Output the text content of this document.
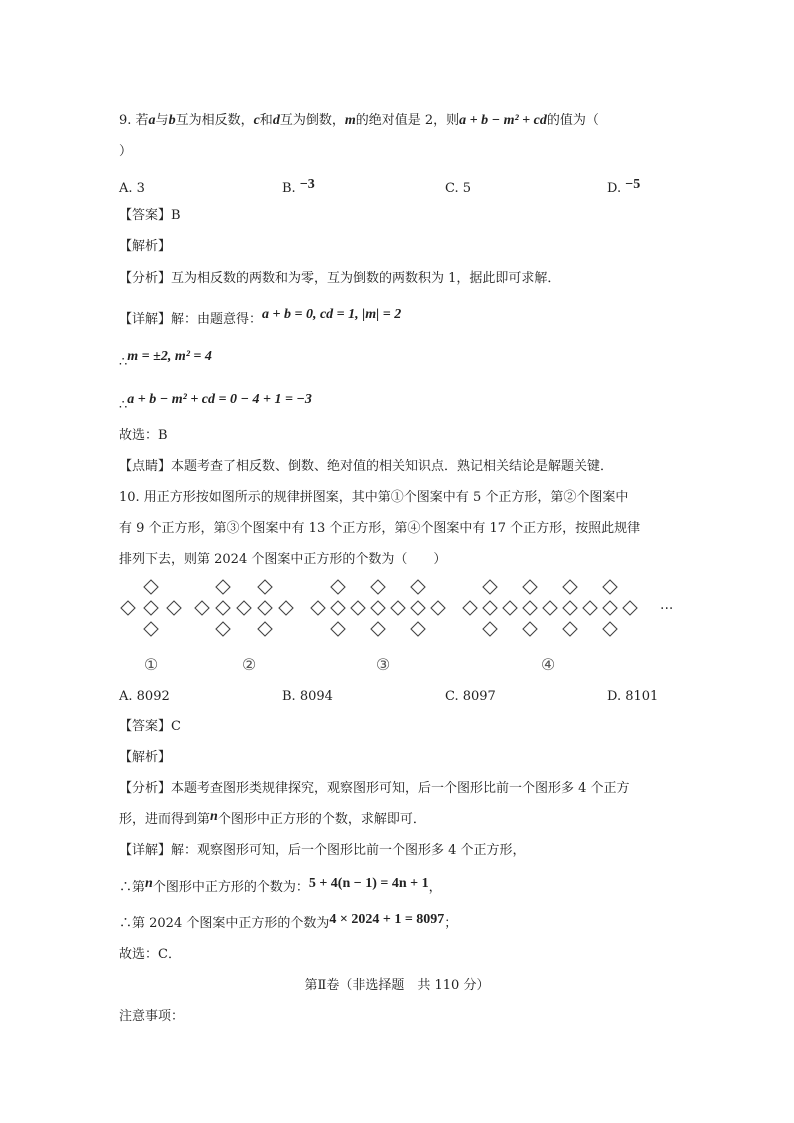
9. 若a与b互为相反数，c和d互为倒数，m的绝对值是 2，则a + b − m² + cd的值为（
）
A. 3	B. −3	C. 5	D. −5
【答案】B
【解析】
【分析】互为相反数的两数和为零，互为倒数的两数积为 1，据此即可求解．
【详解】解：由题意得：a + b = 0, cd = 1, |m| = 2
∴m = ±2, m² = 4
∴a + b − m² + cd = 0 − 4 + 1 = −3
故选：B
【点睛】本题考查了相反数、倒数、绝对值的相关知识点．熟记相关结论是解题关键．
10. 用正方形按如图所示的规律拼图案，其中第①个图案中有 5 个正方形，第②个图案中
有 9 个正方形，第③个图案中有 13 个正方形，第④个图案中有 17 个正方形，按照此规律
排列下去，则第 2024 个图案中正方形的个数为（　　）
···
①	②	③	④
A. 8092	B. 8094	C. 8097	D. 8101
【答案】C
【解析】
【分析】本题考查图形类规律探究，观察图形可知，后一个图形比前一个图形多 4 个正方
形，进而得到第n个图形中正方形的个数，求解即可．
【详解】解：观察图形可知，后一个图形比前一个图形多 4 个正方形，
∴第n个图形中正方形的个数为：5 + 4(n − 1) = 4n + 1，
∴第 2024 个图案中正方形的个数为4 × 2024 + 1 = 8097；
故选：C．
第Ⅱ卷（非选择题　共 110 分）
注意事项：
